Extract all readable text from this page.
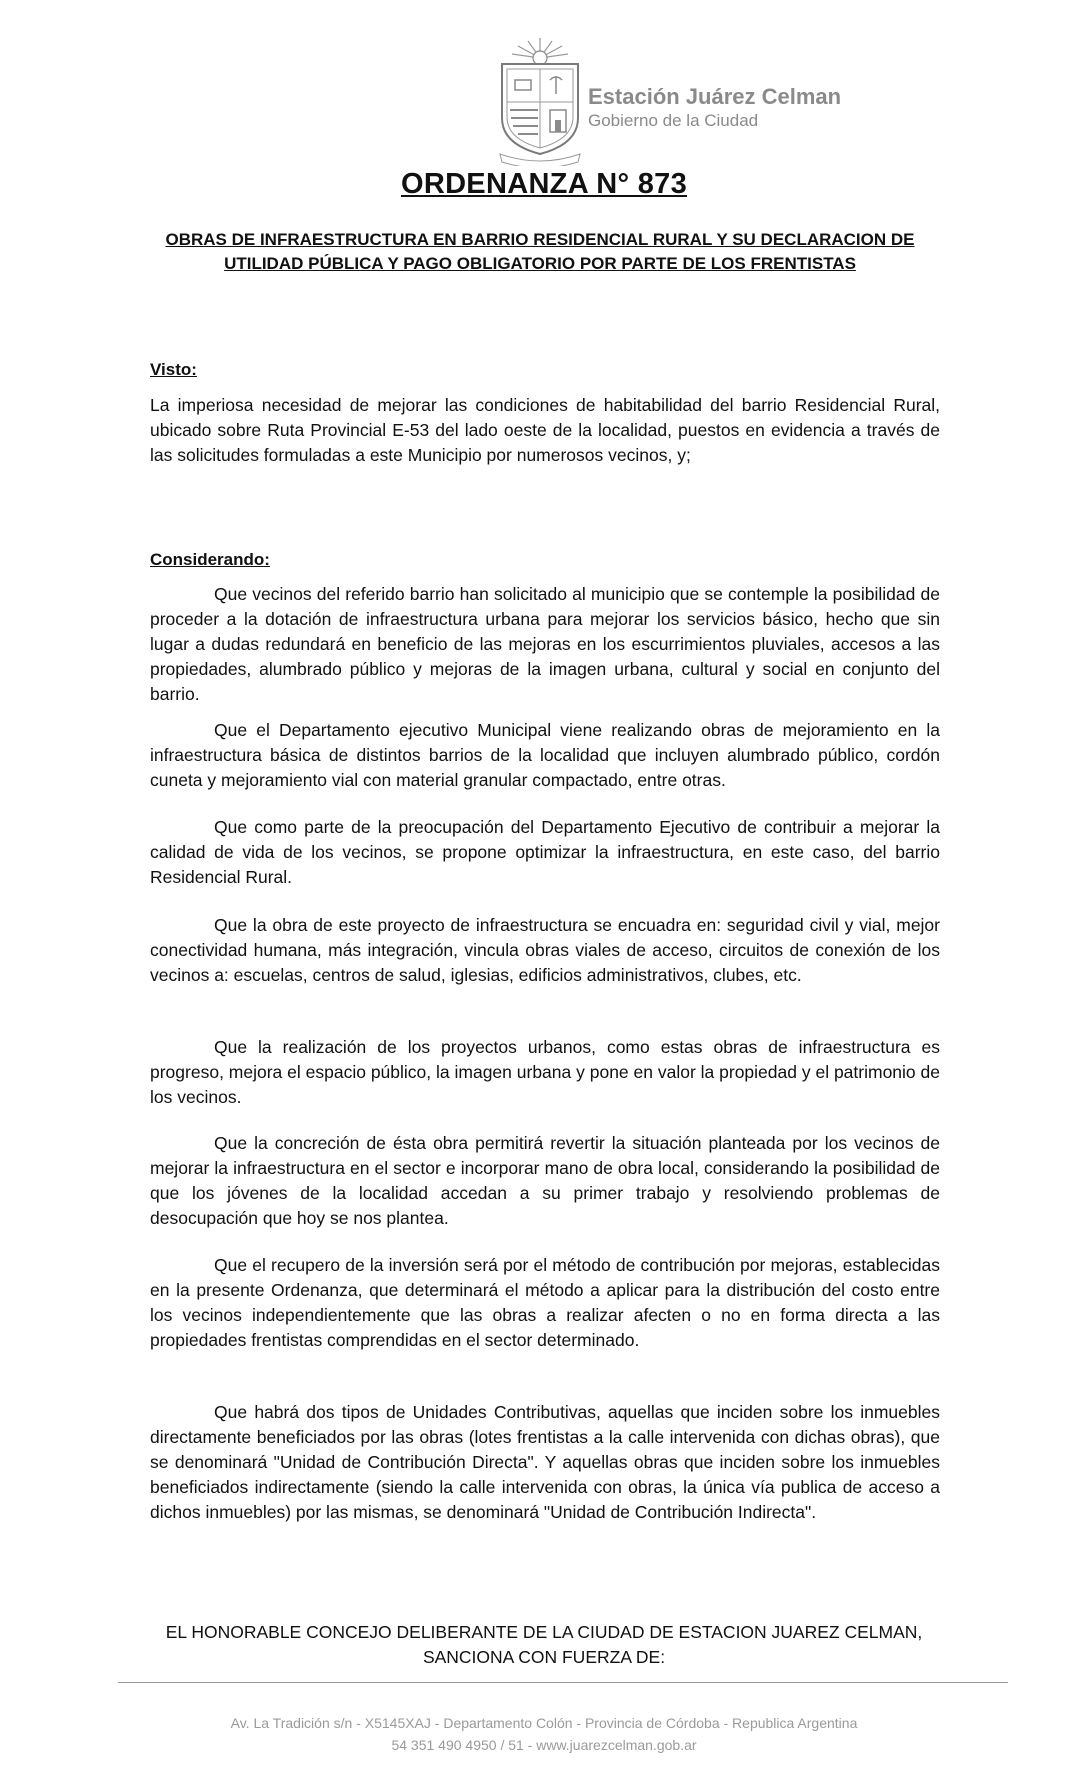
Estación Juárez Celman
Gobierno de la Ciudad
ORDENANZA N° 873
OBRAS DE INFRAESTRUCTURA EN BARRIO RESIDENCIAL RURAL Y SU DECLARACION DE UTILIDAD PÚBLICA Y PAGO OBLIGATORIO POR PARTE DE LOS FRENTISTAS
Visto:

La imperiosa necesidad de mejorar las condiciones de habitabilidad del barrio Residencial Rural, ubicado sobre Ruta Provincial E-53 del lado oeste de la localidad, puestos en evidencia a través de las solicitudes formuladas a este Municipio por numerosos vecinos, y;

Considerando:

Que vecinos del referido barrio han solicitado al municipio que se contemple la posibilidad de proceder a la dotación de infraestructura urbana para mejorar los servicios básico, hecho que sin lugar a dudas redundará en beneficio de las mejoras en los escurrimientos pluviales, accesos a las propiedades, alumbrado público y mejoras de la imagen urbana, cultural y social en conjunto del barrio.

Que el Departamento ejecutivo Municipal viene realizando obras de mejoramiento en la infraestructura básica de distintos barrios de la localidad que incluyen alumbrado público, cordón cuneta y mejoramiento vial con material granular compactado, entre otras.

Que como parte de la preocupación del Departamento Ejecutivo de contribuir a mejorar la calidad de vida de los vecinos, se propone optimizar la infraestructura, en este caso, del barrio Residencial Rural.

Que la obra de este proyecto de infraestructura se encuadra en: seguridad civil y vial, mejor conectividad humana, más integración, vincula obras viales de acceso, circuitos de conexión de los vecinos a: escuelas, centros de salud, iglesias, edificios administrativos, clubes, etc.

Que la realización de los proyectos urbanos, como estas obras de infraestructura es progreso, mejora el espacio público, la imagen urbana y pone en valor la propiedad y el patrimonio de los vecinos.

Que la concreción de ésta obra permitirá revertir la situación planteada por los vecinos de mejorar la infraestructura en el sector e incorporar mano de obra local, considerando la posibilidad de que los jóvenes de la localidad accedan a su primer trabajo y resolviendo problemas de desocupación que hoy se nos plantea.

Que el recupero de la inversión será por el método de contribución por mejoras, establecidas en la presente Ordenanza, que determinará el método a aplicar para la distribución del costo entre los vecinos independientemente que las obras a realizar afecten o no en forma directa a las propiedades frentistas comprendidas en el sector determinado.

Que habrá dos tipos de Unidades Contributivas, aquellas que inciden sobre los inmuebles directamente beneficiados por las obras (lotes frentistas a la calle intervenida con dichas obras), que se denominará "Unidad de Contribución Directa". Y aquellas obras que inciden sobre los inmuebles beneficiados indirectamente (siendo la calle intervenida con obras, la única vía publica de acceso a dichos inmuebles) por las mismas, se denominará "Unidad de Contribución Indirecta".

EL HONORABLE CONCEJO DELIBERANTE DE LA CIUDAD DE ESTACION JUAREZ CELMAN, SANCIONA CON FUERZA DE:
Av. La Tradición s/n - X5145XAJ - Departamento Colón - Provincia de Córdoba - Republica Argentina
54 351 490 4950 / 51 - www.juarezcelman.gob.ar
